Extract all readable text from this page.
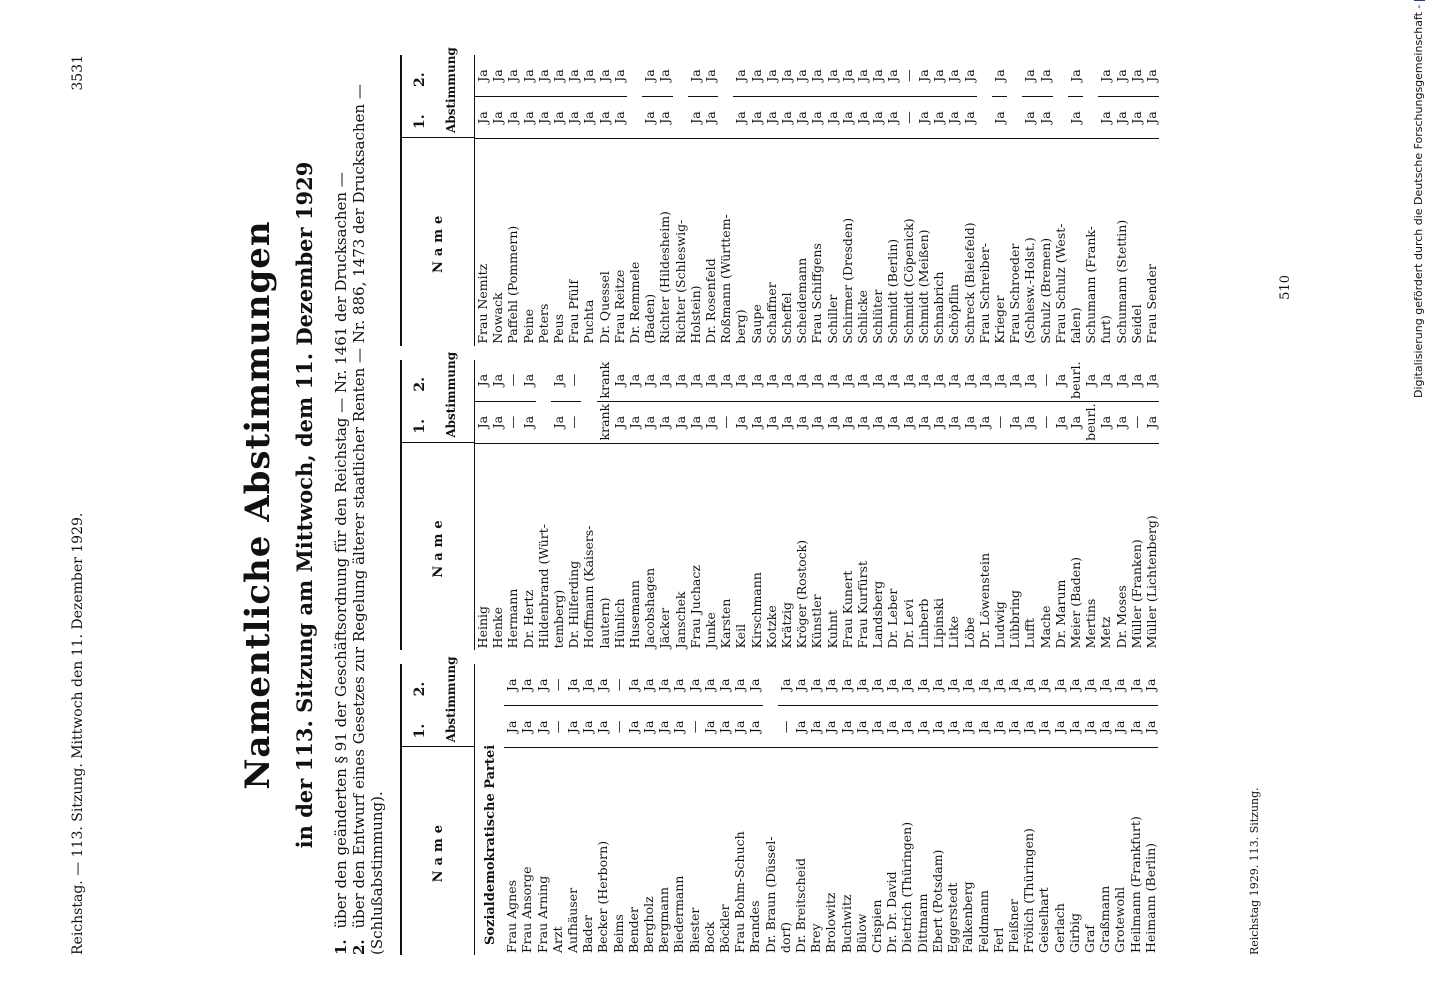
Reichstag. — 113. Sitzung. Mittwoch den 11. Dezember 1929.
3531
Namentliche Abstimmungen in der 113. Sitzung am Mittwoch, dem 11. Dezember 1929
1. über den geänderten § 91 der Geschäftsordnung für den Reichstag — Nr. 1461 der Drucksachen —
2. über den Entwurf eines Gesetzes zur Regelung älterer staatlicher Renten — Nr. 886, 1473 der Drucksachen — (Schlußabstimmung).	Name
1.
2. Abstimmung
Sozialdemokratische Partei Frau Agnes
Ja
Ja
Frau Ansorge
Ja
Ja
Frau Arning
Ja
Ja
Arzt
—
—
Aufhäuser
Ja
Ja
Bader
Ja
Ja
Becker (Herborn)
Ja
Ja
Beims
—
—
Bender
Ja
Ja
Bergholz
Ja
Ja
Bergmann
Ja
Ja
Biedermann
Ja
Ja
Biester
—
Ja
Bock
Ja
Ja
Böckler
Ja
Ja
Frau Bohm-Schuch
Ja
Ja
Brandes
Ja
Ja
Dr. Braun (Düssel- dorf)
—
Ja
Dr. Breitscheid
Ja
Ja
Brey
Ja
Ja
Brolowitz
Ja
Ja
Buchwitz
Ja
Ja
Bülow
Ja
Ja
Crispien
Ja
Ja
Dr. Dr. David
Ja
Ja
Dietrich (Thüringen)
Ja
Ja
Dittmann
Ja
Ja
Ebert (Potsdam)
Ja
Ja
Eggerstedt
Ja
Ja
Falkenberg
Ja
Ja
Feldmann
Ja
Ja
Ferl
Ja
Ja
Fleißner
Ja
Ja
Frölich (Thüringen)
Ja
Ja
Geiselhart
Ja
Ja
Gerlach
Ja
Ja
Girbig
Ja
Ja
Graf
Ja
Ja
Graßmann
Ja
Ja
Grotewohl
Ja
Ja
Heilmann (Frankfurt)
Ja
Ja
Heimann (Berlin)
Ja
Ja
Name
1.
2. Abstimmung
Heinig
Ja
Ja
Henke
Ja
Ja
Hermann
—
—
Dr. Hertz
Ja
Ja
Hildenbrand (Würt- temberg)
Ja
Ja
Dr. Hilferding
—
—
Hoffmann (Kaisers- lautern)
krank
krank
Hünlich
Ja
Ja
Husemann
Ja
Ja
Jacobshagen
Ja
Ja
Jäcker
Ja
Ja
Janschek
Ja
Ja
Frau Juchacz
Ja
Ja
Junke
Ja
Ja
Karsten
—
Ja
Keil
Ja
Ja
Kirschmann
Ja
Ja
Kotzke
Ja
Ja
Krätzig
Ja
Ja
Kröger (Rostock)
Ja
Ja
Künstler
Ja
Ja
Kuhnt
Ja
Ja
Frau Kunert
Ja
Ja
Frau Kurfürst
Ja
Ja
Landsberg
Ja
Ja
Dr. Leber
Ja
Ja
Dr. Levi
Ja
Ja
Linberb
Ja
Ja
Lipinski
Ja
Ja
Litke
Ja
Ja
Löbe
Ja
Ja
Dr. Löwenstein
Ja
Ja
Ludwig
—
Ja
Lübbring
Ja
Ja
Lufft
Ja
Ja
Mache
—
—
Dr. Marum
Ja
Ja
Meier (Baden)
Ja
beurl.
Mertins
beurl.
Ja
Metz
Ja
Ja
Dr. Moses
Ja
Ja
Müller (Franken)
—
Ja
Müller (Lichtenberg)
Ja
Ja
Name
1.
2. Abstimmung
Frau Nemitz
Ja
Ja
Nowack
Ja
Ja
Paffehl (Pommern)
Ja
Ja
Peine
Ja
Ja
Peters
Ja
Ja
Peus
Ja
Ja
Frau Pfülf
Ja
Ja
Puchta
Ja
Ja
Dr. Quessel
Ja
Ja
Frau Reitze
Ja
Ja
Dr. Remmele (Baden)
Ja
Ja
Richter (Hildesheim)
Ja
Ja
Richter (Schleswig- Holstein)
Ja
Ja
Dr. Rosenfeld
Ja
Ja
Roßmann (Württem- berg)
Ja
Ja
Saupe
Ja
Ja
Schaffner
Ja
Ja
Scheffel
Ja
Ja
Scheidemann
Ja
Ja
Frau Schiffgens
Ja
Ja
Schiller
Ja
Ja
Schirmer (Dresden)
Ja
Ja
Schlicke
Ja
Ja
Schlüter
Ja
Ja
Schmidt (Berlin)
Ja
Ja
Schmidt (Cöpenick)
—
—
Schmidt (Meißen)
Ja
Ja
Schnabrich
Ja
Ja
Schöpflin
Ja
Ja
Schreck (Bielefeld)
Ja
Ja
Frau Schreiber- Krieger
Ja
Ja
Frau Schroeder (Schlesw.-Holst.)
Ja
Ja
Schulz (Bremen)
Ja
Ja
Frau Schulz (West- falen)
Ja
Ja
Schumann (Frank- furt)
Ja
Ja
Schumann (Stettin)
Ja
Ja
Seidel
Ja
Ja
Frau Sender
Ja
Ja
Reichstag 1929. 113. Sitzung.
510	Digitalisierung gefördert durch die Deutsche Forschungsgemeinschaft -
